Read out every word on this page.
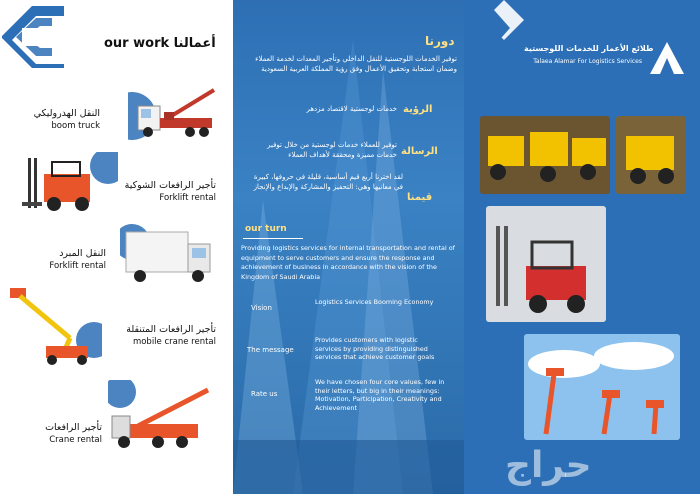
our work أعمالنا
النقل الهدروليكي
boom truck
تأجير الرافعات الشوكية
Forklift rental
النقل المبرد
Forklift rental
تأجير الرافعات المتنقلة
mobile crane rental
تأجير الرافعات
Crane rental
دورنا
توفير الخدمات اللوجستية للنقل الداخلي وتأجير المعدات لخدمة العملاء وضمان استجابة وتحقيق الأعمال وفق رؤية المملكة العربية السعودية
الرؤية
خدمات لوجستية لاقتصاد مزدهر
الرسالة
توفير للعملاء خدمات لوجستية من خلال توفير خدمات مميزة ومحققة لأهداف العملاء
قيمنا
لقد اخترنا أربع قيم أساسية، قليلة في حروفها، كبيرة في معانيها وهي: التحفيز والمشاركة والإبداع والإنجاز
our turn
Providing logistics services for internal transportation and rental of equipment to serve customers and ensure the response and achievement of business in accordance with the vision of the Kingdom of Saudi Arabia
Vision
Logistics Services Booming Economy
The message
Provides customers with logistic services by providing distinguished services that achieve customer goals
Rate us
We have chosen four core values, few in their letters, but big in their meanings: Motivation, Participation, Creativity and Achievement
طلائع الأعمار للخدمات اللوجستية
Talaea Alamar For Logistics Services
حراج
